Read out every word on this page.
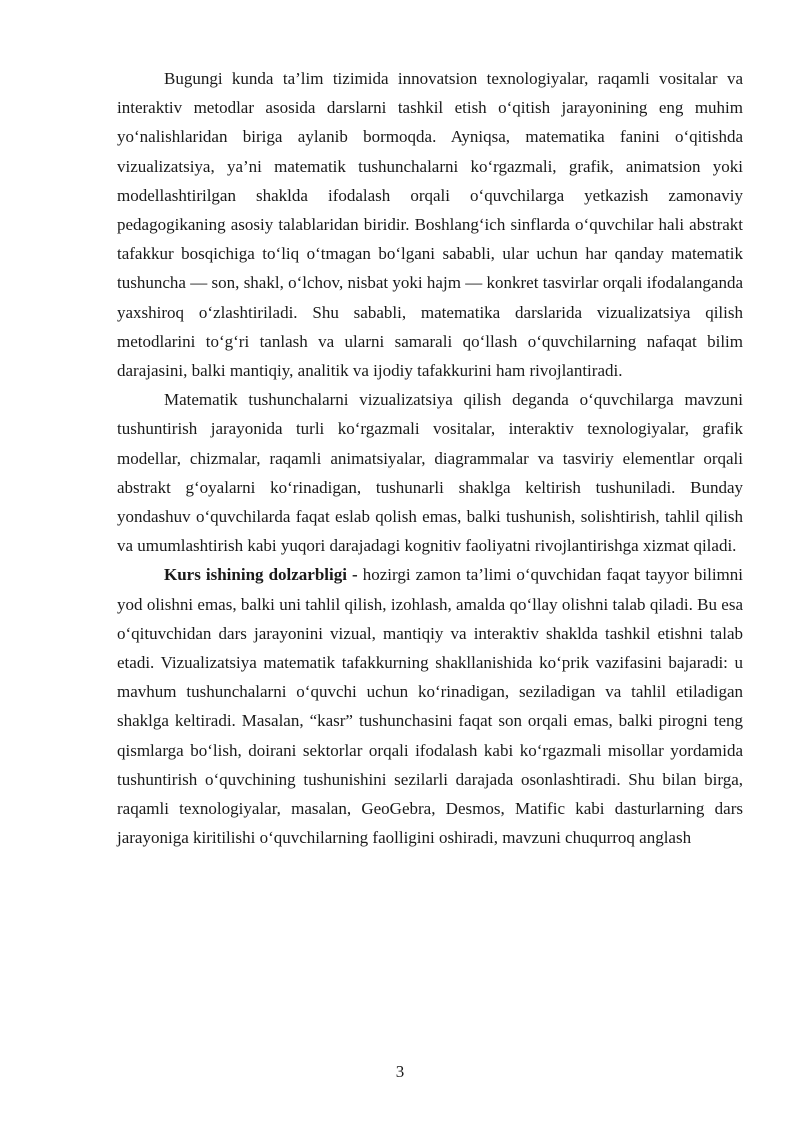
Bugungi kunda ta’lim tizimida innovatsion texnologiyalar, raqamli vositalar va interaktiv metodlar asosida darslarni tashkil etish o‘qitish jarayonining eng muhim yo‘nalishlaridan biriga aylanib bormoqda. Ayniqsa, matematika fanini o‘qitishda vizualizatsiya, ya’ni matematik tushunchalarni ko‘rgazmali, grafik, animatsion yoki modellashtirilgan shaklda ifodalash orqali o‘quvchilarga yetkazish zamonaviy pedagogikaning asosiy talablaridan biridir. Boshlang‘ich sinflarda o‘quvchilar hali abstrakt tafakkur bosqichiga to‘liq o‘tmagan bo‘lgani sababli, ular uchun har qanday matematik tushuncha — son, shakl, o‘lchov, nisbat yoki hajm — konkret tasvirlar orqali ifodalanganda yaxshiroq o‘zlashtiriladi. Shu sababli, matematika darslarida vizualizatsiya qilish metodlarini to‘g‘ri tanlash va ularni samarali qo‘llash o‘quvchilarning nafaqat bilim darajasini, balki mantiqiy, analitik va ijodiy tafakkurini ham rivojlantiradi.

Matematik tushunchalarni vizualizatsiya qilish deganda o‘quvchilarga mavzuni tushuntirish jarayonida turli ko‘rgazmali vositalar, interaktiv texnologiyalar, grafik modellar, chizmalar, raqamli animatsiyalar, diagrammalar va tasviriy elementlar orqali abstrakt g‘oyalarni ko‘rinadigan, tushunarli shaklga keltirish tushuniladi. Bunday yondashuv o‘quvchilarda faqat eslab qolish emas, balki tushunish, solishtirish, tahlil qilish va umumlashtirish kabi yuqori darajadagi kognitiv faoliyatni rivojlantirishga xizmat qiladi.

Kurs ishining dolzarbligi - hozirgi zamon ta’limi o‘quvchidan faqat tayyor bilimni yod olishni emas, balki uni tahlil qilish, izohlash, amalda qo‘llay olishni talab qiladi. Bu esa o‘qituvchidan dars jarayonini vizual, mantiqiy va interaktiv shaklda tashkil etishni talab etadi. Vizualizatsiya matematik tafakkurning shakllanishida ko‘prik vazifasini bajaradi: u mavhum tushunchalarni o‘quvchi uchun ko‘rinadigan, seziladigan va tahlil etiladigan shaklga keltiradi. Masalan, “kasr” tushunchasini faqat son orqali emas, balki pirogni teng qismlarga bo‘lish, doirani sektorlar orqali ifodalash kabi ko‘rgazmali misollar yordamida tushuntirish o‘quvchining tushunishini sezilarli darajada osonlashtiradi. Shu bilan birga, raqamli texnologiyalar, masalan, GeoGebra, Desmos, Matific kabi dasturlarning dars jarayoniga kiritilishi o‘quvchilarning faolligini oshiradi, mavzuni chuqurroq anglash

3
